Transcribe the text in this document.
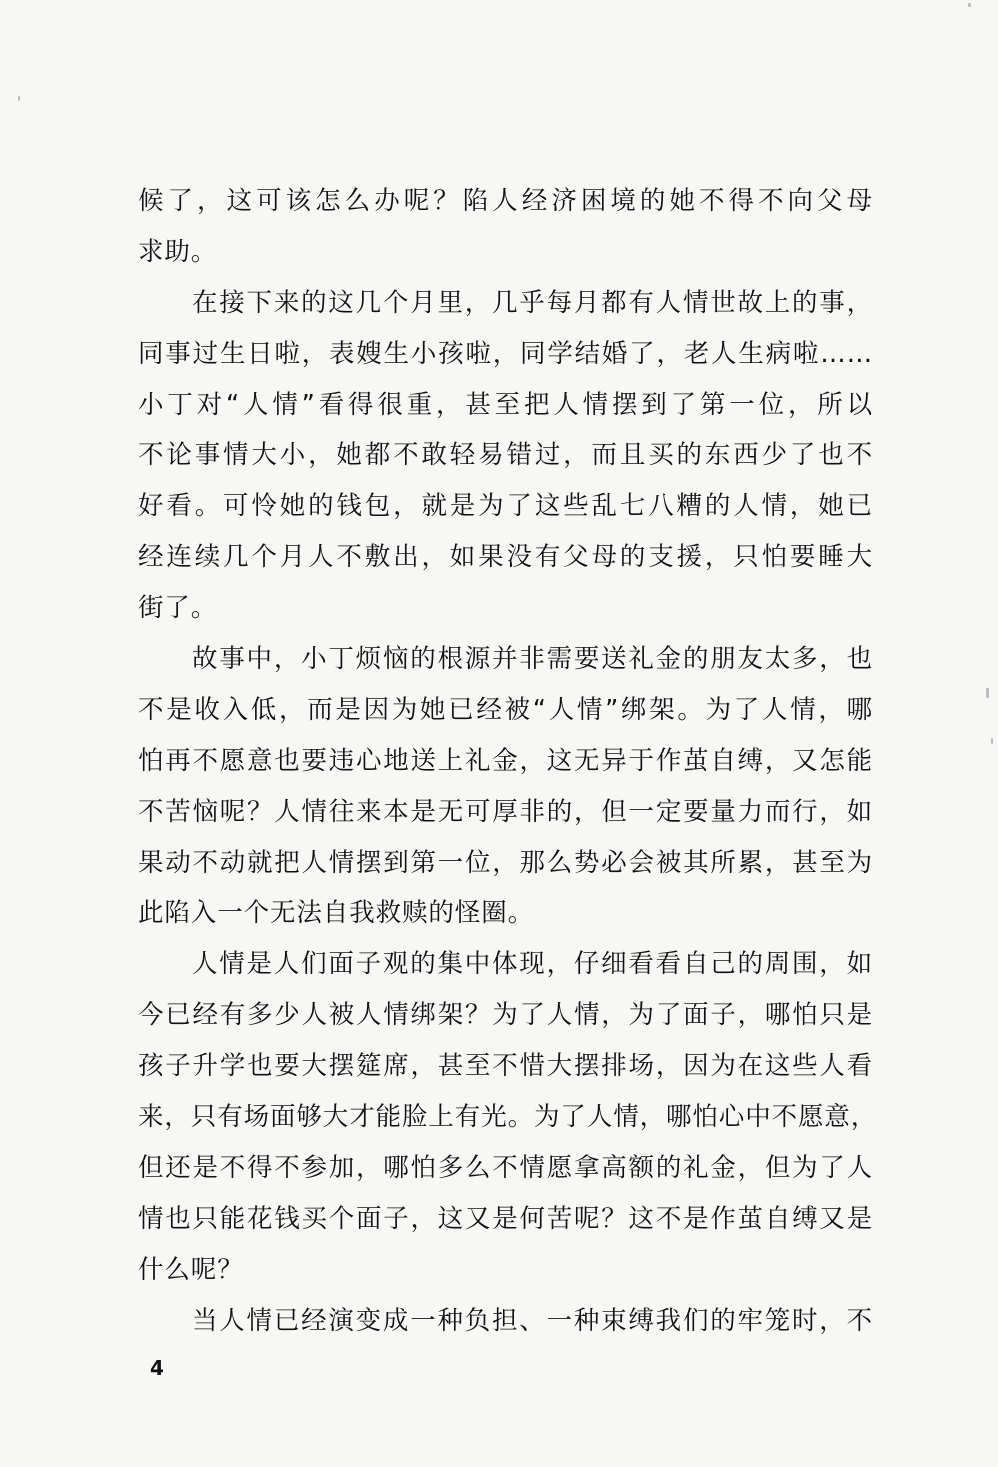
候了，这可该怎么办呢？陷人经济困境的她不得不向父母
求助。
在接下来的这几个月里，几乎每月都有人情世故上的事，
同事过生日啦，表嫂生小孩啦，同学结婚了，老人生病啦……
小丁对“人情”看得很重，甚至把人情摆到了第一位，所以
不论事情大小，她都不敢轻易错过，而且买的东西少了也不
好看。可怜她的钱包，就是为了这些乱七八糟的人情，她已
经连续几个月人不敷出，如果没有父母的支援，只怕要睡大
街了。
故事中，小丁烦恼的根源并非需要送礼金的朋友太多，也
不是收入低，而是因为她已经被“人情”绑架。为了人情，哪
怕再不愿意也要违心地送上礼金，这无异于作茧自缚，又怎能
不苦恼呢？人情往来本是无可厚非的，但一定要量力而行，如
果动不动就把人情摆到第一位，那么势必会被其所累，甚至为
此陷入一个无法自我救赎的怪圈。
人情是人们面子观的集中体现，仔细看看自己的周围，如
今已经有多少人被人情绑架？为了人情，为了面子，哪怕只是
孩子升学也要大摆筵席，甚至不惜大摆排场，因为在这些人看
来，只有场面够大才能脸上有光。为了人情，哪怕心中不愿意，
但还是不得不参加，哪怕多么不情愿拿高额的礼金，但为了人
情也只能花钱买个面子，这又是何苦呢？这不是作茧自缚又是
什么呢？
当人情已经演变成一种负担、一种束缚我们的牢笼时，不
4
